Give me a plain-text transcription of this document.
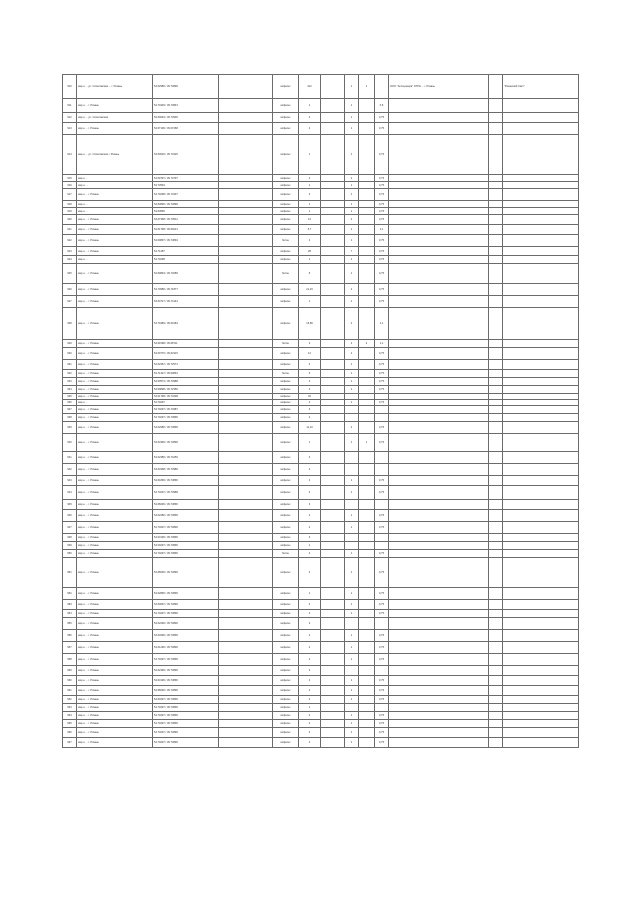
910	мкр-н ... ул. Соколовская ... г. Рязань	54.62986 / 39.73896		асфальт	312		1	1		ООО "Ассоциация" ОГРН ... г. Рязань		"Рязанский Свет"
911	мкр-н ... г. Рязань	54.70439 / 39.73843		асфальт	1		1		0,5			
912	мкр-н ... ул. Соколовская	54.60049 / 39.73936		асфальт	4		1		0,75			
913	мкр-н ... г. Рязань	54.67196 / 39.67268		асфальт	4		1		0,75			
914	мкр-н ... ул. Соколовская г. Рязань	54.60026 / 39.73426		асфальт	1		1		0,75			
915	мкр-н ...	54.69797 / 39.70797		асфальт	4		2		0,75			
916	мкр-н ...	54.73549		асфальт	1		1		0,75			
917	мкр-н ... г. Рязань	54.70298 / 39.73437		асфальт	3		1		0,75			
918	мкр-н ...	54.63896 / 39.73896		асфальт	1		1		0,75			
919	мкр-н ...	54.63896		асфальт	1		1		0,75			
920	мкр-н ... г. Рязань	54.67398 / 39.73512		асфальт	12		4		0,75			
921	мкр-н ... г. Рязань	54.61798 / 39.69221		асфальт	5,7		1		1,1			
922	мкр-н ... г. Рязань	54.60897 / 39.73894		бетон	4		1		0,75			
923	мкр-н ... г. Рязань	54.71287		асфальт	28		7		0,75			
924	мкр-н ...	54.70298		асфальт	1		1		0,75			
925	мкр-н ... г. Рязань	54.69894 / 39.74089		бетон	5		1		0,75			
926	мкр-н ... г. Рязань	54.70986 / 39.71877		асфальт	21,23		2		0,75			
927	мкр-н ... г. Рязань	54.60717 / 39.74144		асфальт	1		1		0,75			
928	мкр-н ... г. Рязань	54.70489 / 39.69184		асфальт	15,89		4		1,1			
929	мкр-н ... г. Рязань	54.61598 / 39.68711		бетон	3		2	2	1,1			
930	мкр-н ... г. Рязань	54.60776 / 39.62315		асфальт	12		4		0,75			
931	мкр-н ... г. Рязань	54.62367 / 39.72574		асфальт	4		1		0,75			
932	мкр-н ... г. Рязань	54.71327 / 39.60891		бетон	5		1		0,75			
933	мкр-н ... г. Рязань	54.60574 / 39.73988		асфальт	4		1		0,75			
934	мкр-н ... г. Рязань	54.59898 / 39.72356		асфальт	4		1		0,75			
935	мкр-н ... г. Рязань	54.61798 / 39.73298		асфальт	46							
936	мкр-н ...	54.70297		асфальт	4		1		0,75			
937	мкр-н ... г. Рязань	54.70297 / 39.74987		асфальт	3							
938	мкр-н ... г. Рязань	54.70297 / 39.73896		асфальт	2							
939	мкр-н ... г. Рязань	54.62986 / 39.73896		асфальт	11,10		4		0,75			
940	мкр-н ... г. Рязань	54.63396 / 39.73896		асфальт	1		1	1	0,75			
941	мкр-н ... г. Рязань	54.62386 / 39.74256		асфальт	3							
942	мкр-н ... г. Рязань	54.63398 / 39.73986		асфальт	2							
943	мкр-н ... г. Рязань	54.61896 / 39.73896		асфальт	4		1		0,75			
944	мкр-н ... г. Рязань	54.70297 / 39.73988		асфальт	4		1		0,75			
945	мкр-н ... г. Рязань	54.68296 / 39.73896		асфальт	3							
946	мкр-н ... г. Рязань	54.62286 / 39.73896		асфальт	4		1		0,75			
947	мкр-н ... г. Рязань	54.70297 / 39.73896		асфальт	4		1		0,75			
948	мкр-н ... г. Рязань	54.63196 / 39.73896		асфальт	3							
949	мкр-н ... г. Рязань	54.60297 / 39.73896		асфальт	1							
950	мкр-н ... г. Рязань	54.70297 / 39.73896		бетон	4		1		0,75			
951	мкр-н ... г. Рязань	54.68296 / 39.73896		асфальт	4		1		0,75			
952	мкр-н ... г. Рязань	54.62896 / 39.73896		асфальт	1		1		0,75			
953	мкр-н ... г. Рязань	54.60697 / 39.73896		асфальт	4		1		0,75			
954	мкр-н ... г. Рязань	54.70297 / 39.73896		асфальт	4		1		0,75			
955	мкр-н ... г. Рязань	54.62296 / 39.73896		асфальт	3							
956	мкр-н ... г. Рязань	54.63296 / 39.73896		асфальт	4		1		0,75			
957	мкр-н ... г. Рязань	54.61296 / 39.73896		асфальт	4		1		0,75			
958	мкр-н ... г. Рязань	54.70297 / 39.73896		асфальт	4		1		0,75			
959	мкр-н ... г. Рязань	54.62396 / 39.73896		асфальт	3							
960	мкр-н ... г. Рязань	54.63196 / 39.73896		асфальт	4		1		0,75			
961	мкр-н ... г. Рязань	54.68296 / 39.73896		асфальт	4		1		0,75			
962	мкр-н ... г. Рязань	54.60297 / 39.73896		асфальт	4		1		0,75			
963	мкр-н ... г. Рязань	54.70297 / 39.73896		асфальт	1							
964	мкр-н ... г. Рязань	54.70297 / 39.73896		асфальт	4		1		0,75			
965	мкр-н ... г. Рязань	54.70297 / 39.73896		асфальт	4		1		0,75			
966	мкр-н ... г. Рязань	54.70297 / 39.73896		асфальт	4		1		0,75			
967	мкр-н ... г. Рязань	54.70297 / 39.73896		асфальт	4		1		0,75			
